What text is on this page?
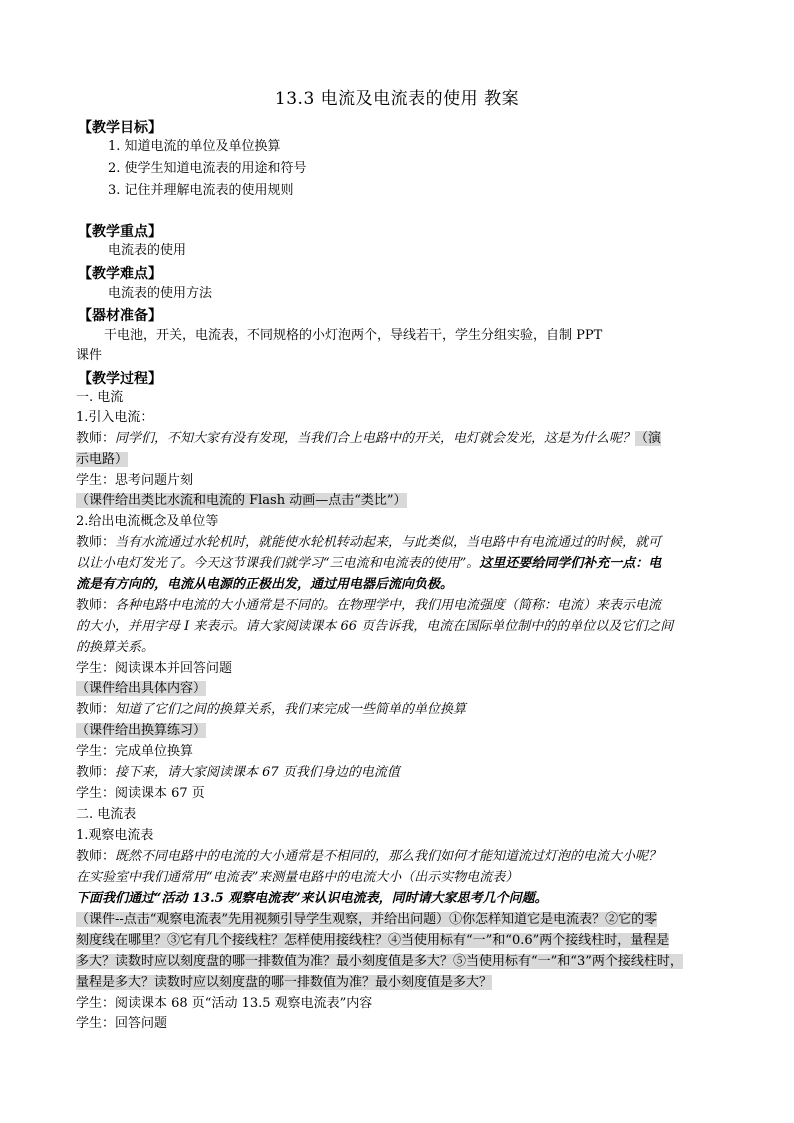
13.3 电流及电流表的使用 教案
【教学目标】
1. 知道电流的单位及单位换算
2. 使学生知道电流表的用途和符号
3. 记住并理解电流表的使用规则
【教学重点】
电流表的使用
【教学难点】
电流表的使用方法
【器材准备】
干电池，开关，电流表，不同规格的小灯泡两个，导线若干，学生分组实验，自制 PPT
课件
【教学过程】
一. 电流
1.引入电流：
教师：同学们，不知大家有没有发现，当我们合上电路中的开关，电灯就会发光，这是为什么呢？（演
示电路）
学生：思考问题片刻
（课件给出类比水流和电流的 Flash 动画—点击“类比”）
2.给出电流概念及单位等
教师：当有水流通过水轮机时，就能使水轮机转动起来，与此类似，当电路中有电流通过的时候，就可
以让小电灯发光了。今天这节课我们就学习“三电流和电流表的使用”。这里还要给同学们补充一点：电
流是有方向的，电流从电源的正极出发，通过用电器后流向负极。
教师：各种电路中电流的大小通常是不同的。在物理学中，我们用电流强度（简称：电流）来表示电流
的大小，并用字母 I 来表示。请大家阅读课本 66 页告诉我，电流在国际单位制中的的单位以及它们之间
的换算关系。
学生：阅读课本并回答问题
（课件给出具体内容）
教师：知道了它们之间的换算关系，我们来完成一些简单的单位换算
（课件给出换算练习）
学生：完成单位换算
教师：接下来，请大家阅读课本 67 页我们身边的电流值
学生：阅读课本 67 页
二. 电流表
1.观察电流表
教师：既然不同电路中的电流的大小通常是不相同的，那么我们如何才能知道流过灯泡的电流大小呢？
在实验室中我们通常用“电流表”来测量电路中的电流大小（出示实物电流表）
下面我们通过“活动 13.5 观察电流表”来认识电流表，同时请大家思考几个问题。
（课件--点击“观察电流表”先用视频引导学生观察，并给出问题）①你怎样知道它是电流表？②它的零
刻度线在哪里？③它有几个接线柱？怎样使用接线柱？④当使用标有“一”和“0.6”两个接线柱时，量程是
多大？读数时应以刻度盘的哪一排数值为准？最小刻度值是多大？⑤当使用标有“一”和“3”两个接线柱时，
量程是多大？读数时应以刻度盘的哪一排数值为准？最小刻度值是多大？
学生：阅读课本 68 页“活动 13.5 观察电流表”内容
学生：回答问题
